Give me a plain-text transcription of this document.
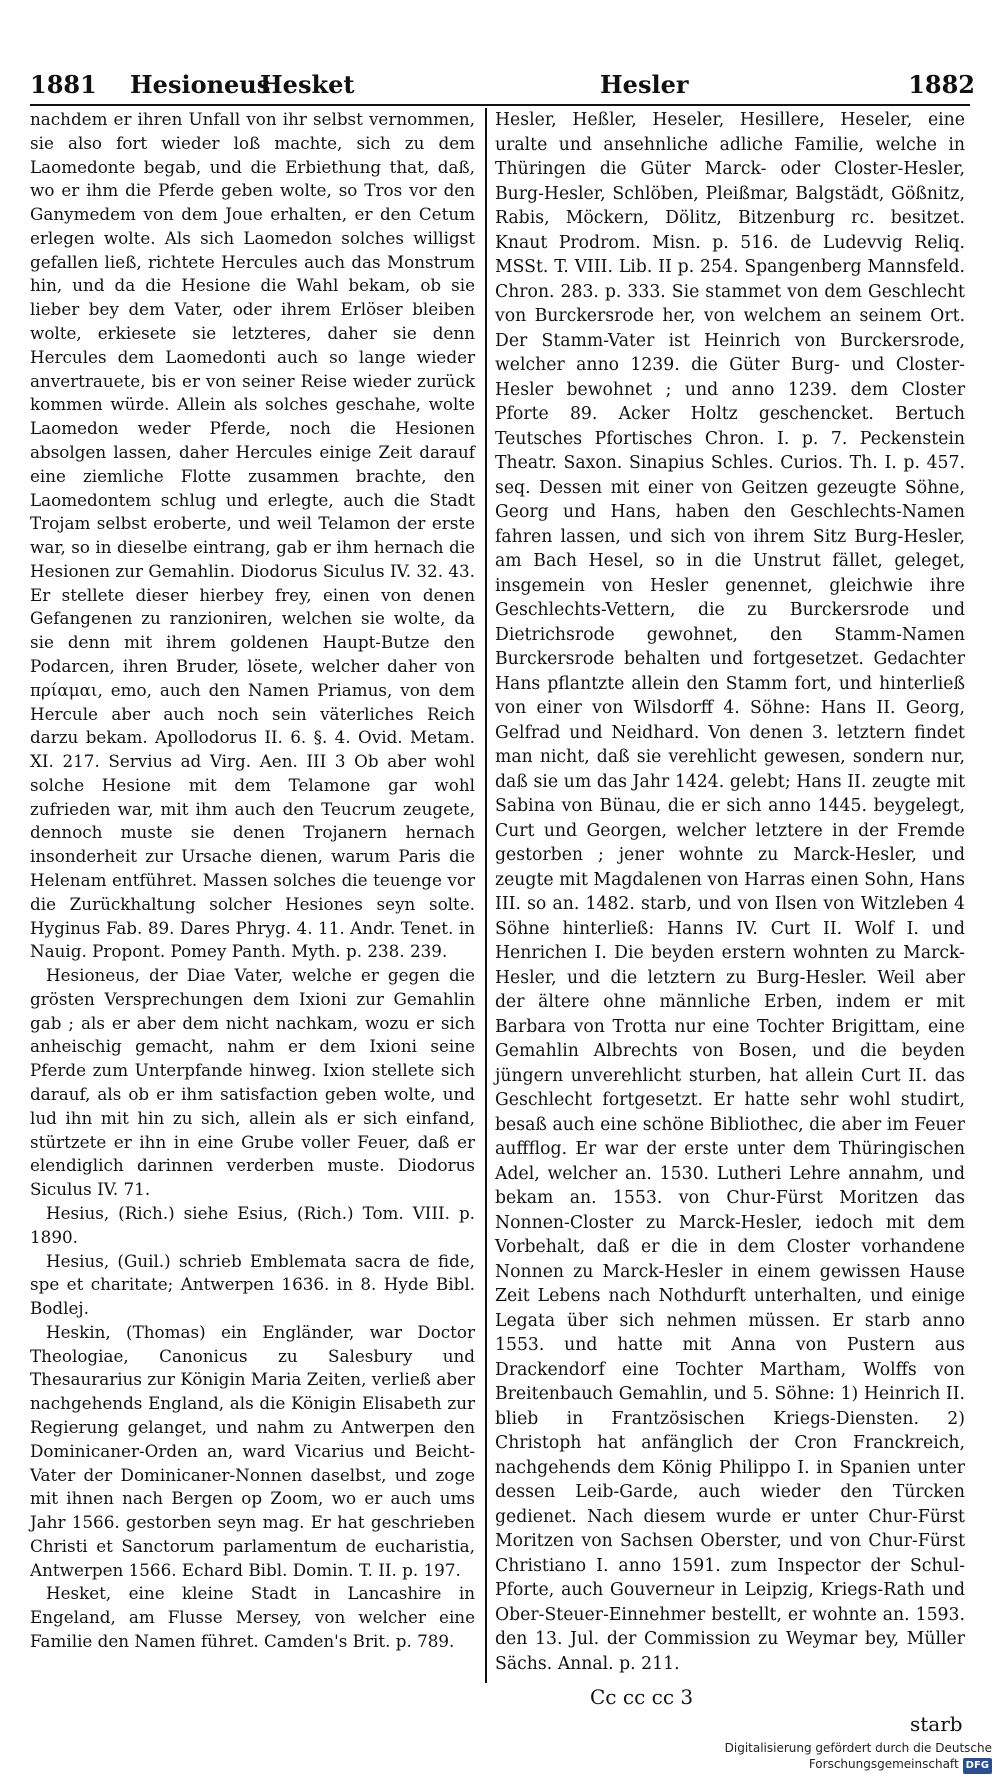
1881 HesioneusHesket	Hesler	1882

nachdem er ihren Unfall von ihr selbst vernommen, sie also fort wieder loß machte, sich zu dem Laomedonte begab, und die Erbiethung that, daß, wo er ihm die Pferde geben wolte, so Tros vor den Ganymedem von dem Joue erhalten, er den Cetum erlegen wolte. Als sich Laomedon solches willigst gefallen ließ, richtete Hercules auch das Monstrum hin, und da die Hesione die Wahl bekam, ob sie lieber bey dem Vater, oder ihrem Erlöser bleiben wolte, erkiesete sie letzteres, daher sie denn Hercules dem Laomedonti auch so lange wieder anvertrauete, bis er von seiner Reise wieder zurück kommen würde. Allein als solches geschahe, wolte Laomedon weder Pferde, noch die Hesionen absolgen lassen, daher Hercules einige Zeit darauf eine ziemliche Flotte zusammen brachte, den Laomedontem schlug und erlegte, auch die Stadt Trojam selbst eroberte, und weil Telamon der erste war, so in dieselbe eintrang, gab er ihm hernach die Hesionen zur Gemahlin. Diodorus Siculus IV. 32. 43. Er stellete dieser hierbey frey, einen von denen Gefangenen zu ranzioniren, welchen sie wolte, da sie denn mit ihrem goldenen Haupt-Butze den Podarcen, ihren Bruder, lösete, welcher daher von πρίαμαι, emo, auch den Namen Priamus, von dem Hercule aber auch noch sein väterliches Reich darzu bekam. Apollodorus II. 6. §. 4. Ovid. Metam. XI. 217. Servius ad Virg. Aen. III 3 Ob aber wohl solche Hesione mit dem Telamone gar wohl zufrieden war, mit ihm auch den Teucrum zeugete, dennoch muste sie denen Trojanern hernach insonderheit zur Ursache dienen, warum Paris die Helenam entführet. Massen solches die teuenge vor die Zurückhaltung solcher Hesiones seyn solte. Hyginus Fab. 89. Dares Phryg. 4. 11. Andr. Tenet. in Nauig. Propont. Pomey Panth. Myth. p. 238. 239.

Hesioneus, der Diae Vater, welche er gegen die grösten Versprechungen dem Ixioni zur Gemahlin gab ; als er aber dem nicht nachkam, wozu er sich anheischig gemacht, nahm er dem Ixioni seine Pferde zum Unterpfande hinweg. Ixion stellete sich darauf, als ob er ihm satisfaction geben wolte, und lud ihn mit hin zu sich, allein als er sich einfand, stürtzete er ihn in eine Grube voller Feuer, daß er elendiglich darinnen verderben muste. Diodorus Siculus IV. 71.

Hesius, (Rich.) siehe Esius, (Rich.) Tom. VIII. p. 1890.

Hesius, (Guil.) schrieb Emblemata sacra de fide, spe et charitate; Antwerpen 1636. in 8. Hyde Bibl. Bodlej.

Heskin, (Thomas) ein Engländer, war Doctor Theologiae, Canonicus zu Salesbury und Thesaurarius zur Königin Maria Zeiten, verließ aber nachgehends England, als die Königin Elisabeth zur Regierung gelanget, und nahm zu Antwerpen den Dominicaner-Orden an, ward Vicarius und Beicht-Vater der Dominicaner-Nonnen daselbst, und zoge mit ihnen nach Bergen op Zoom, wo er auch ums Jahr 1566. gestorben seyn mag. Er hat geschrieben Christi et Sanctorum parlamentum de eucharistia, Antwerpen 1566. Echard Bibl. Domin. T. II. p. 197.

Hesket, eine kleine Stadt in Lancashire in Engeland, am Flusse Mersey, von welcher eine Familie den Namen führet. Camden's Brit. p. 789.

Hesler, Heßler, Heseler, Hesillere, Heseler, eine uralte und ansehnliche adliche Familie, welche in Thüringen die Güter Marck- oder Closter-Hesler, Burg-Hesler, Schlöben, Pleißmar, Balgstädt, Gößnitz, Rabis, Möckern, Dölitz, Bitzenburg rc. besitzet. Knaut Prodrom. Misn. p. 516. de Ludevvig Reliq. MSSt. T. VIII. Lib. II p. 254. Spangenberg Mannsfeld. Chron. 283. p. 333. Sie stammet von dem Geschlecht von Burckersrode her, von welchem an seinem Ort. Der Stamm-Vater ist Heinrich von Burckersrode, welcher anno 1239. die Güter Burg- und Closter-Hesler bewohnet ; und anno 1239. dem Closter Pforte 89. Acker Holtz geschencket. Bertuch Teutsches Pfortisches Chron. I. p. 7. Peckenstein Theatr. Saxon. Sinapius Schles. Curios. Th. I. p. 457. seq. Dessen mit einer von Geitzen gezeugte Söhne, Georg und Hans, haben den Geschlechts-Namen fahren lassen, und sich von ihrem Sitz Burg-Hesler, am Bach Hesel, so in die Unstrut fället, geleget, insgemein von Hesler genennet, gleichwie ihre Geschlechts-Vettern, die zu Burckersrode und Dietrichsrode gewohnet, den Stamm-Namen Burckersrode behalten und fortgesetzet. Gedachter Hans pflantzte allein den Stamm fort, und hinterließ von einer von Wilsdorff 4. Söhne: Hans II. Georg, Gelfrad und Neidhard. Von denen 3. letztern findet man nicht, daß sie verehlicht gewesen, sondern nur, daß sie um das Jahr 1424. gelebt; Hans II. zeugte mit Sabina von Bünau, die er sich anno 1445. beygelegt, Curt und Georgen, welcher letztere in der Fremde gestorben ; jener wohnte zu Marck-Hesler, und zeugte mit Magdalenen von Harras einen Sohn, Hans III. so an. 1482. starb, und von Ilsen von Witzleben 4 Söhne hinterließ: Hanns IV. Curt II. Wolf I. und Henrichen I. Die beyden erstern wohnten zu Marck-Hesler, und die letztern zu Burg-Hesler. Weil aber der ältere ohne männliche Erben, indem er mit Barbara von Trotta nur eine Tochter Brigittam, eine Gemahlin Albrechts von Bosen, und die beyden jüngern unverehlicht sturben, hat allein Curt II. das Geschlecht fortgesetzt. Er hatte sehr wohl studirt, besaß auch eine schöne Bibliothec, die aber im Feuer auffflog. Er war der erste unter dem Thüringischen Adel, welcher an. 1530. Lutheri Lehre annahm, und bekam an. 1553. von Chur-Fürst Moritzen das Nonnen-Closter zu Marck-Hesler, iedoch mit dem Vorbehalt, daß er die in dem Closter vorhandene Nonnen zu Marck-Hesler in einem gewissen Hause Zeit Lebens nach Nothdurft unterhalten, und einige Legata über sich nehmen müssen. Er starb anno 1553. und hatte mit Anna von Pustern aus Drackendorf eine Tochter Martham, Wolffs von Breitenbauch Gemahlin, und 5. Söhne: 1) Heinrich II. blieb in Frantzösischen Kriegs-Diensten. 2) Christoph hat anfänglich der Cron Franckreich, nachgehends dem König Philippo I. in Spanien unter dessen Leib-Garde, auch wieder den Türcken gedienet. Nach diesem wurde er unter Chur-Fürst Moritzen von Sachsen Oberster, und von Chur-Fürst Christiano I. anno 1591. zum Inspector der Schul-Pforte, auch Gouverneur in Leipzig, Kriegs-Rath und Ober-Steuer-Einnehmer bestellt, er wohnte an. 1593. den 13. Jul. der Commission zu Weymar bey, Müller Sächs. Annal. p. 211.

Cc cc cc 3
starb
Digitalisierung gefördert durch die Deutsche Forschungsgemeinschaft DFG
